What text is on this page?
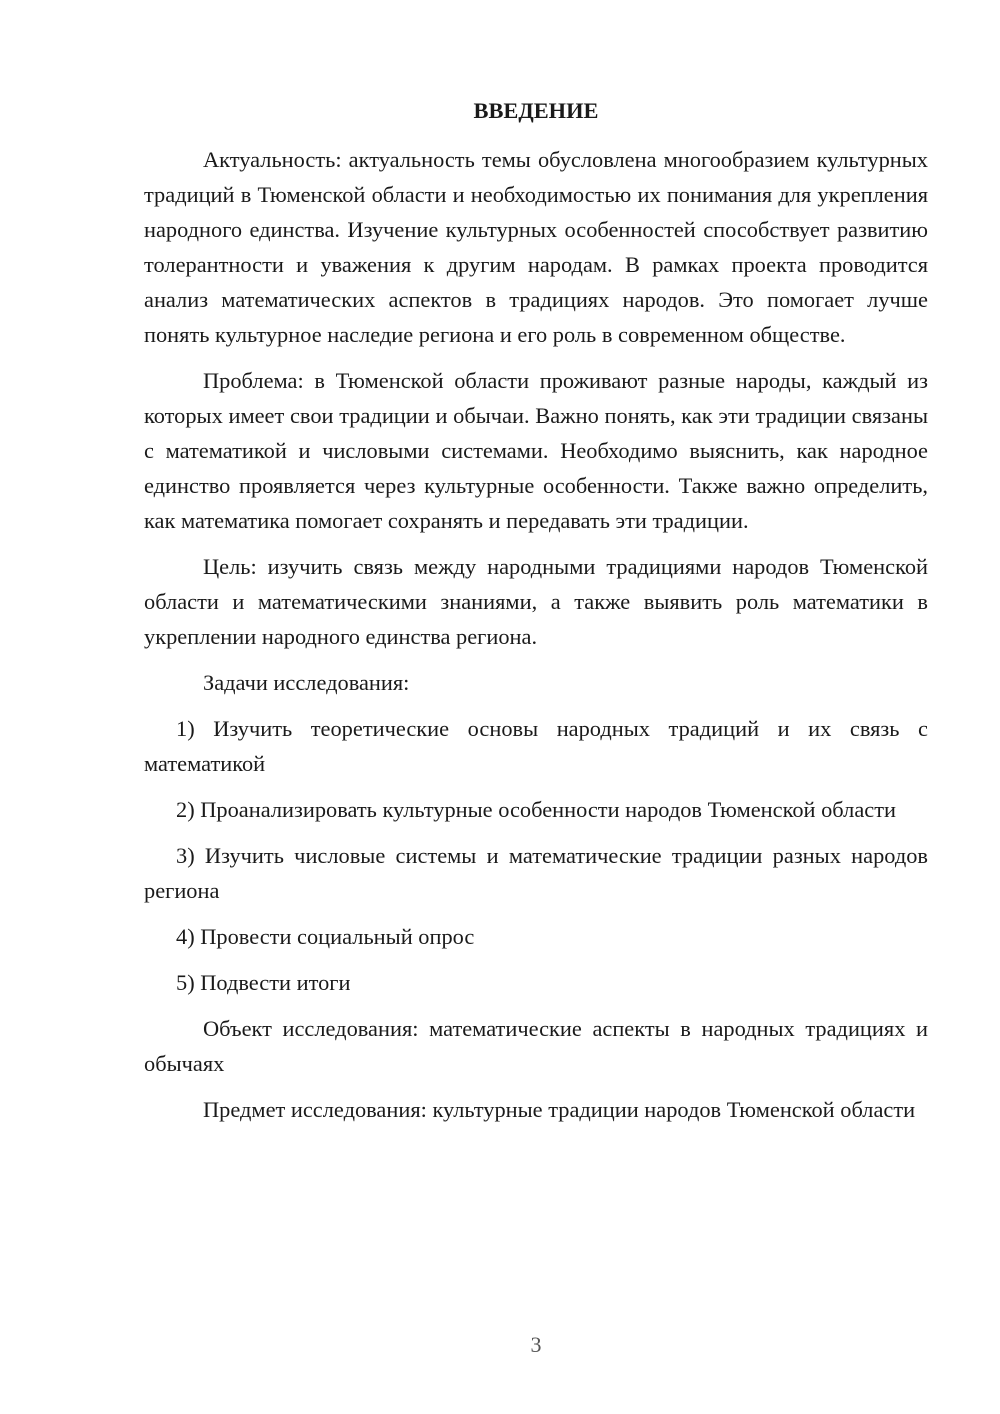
ВВЕДЕНИЕ
Актуальность: актуальность темы обусловлена многообразием культурных традиций в Тюменской области и необходимостью их понимания для укрепления народного единства. Изучение культурных особенностей способствует развитию толерантности и уважения к другим народам. В рамках проекта проводится анализ математических аспектов в традициях народов. Это помогает лучше понять культурное наследие региона и его роль в современном обществе.
Проблема: в Тюменской области проживают разные народы, каждый из которых имеет свои традиции и обычаи. Важно понять, как эти традиции связаны с математикой и числовыми системами. Необходимо выяснить, как народное единство проявляется через культурные особенности. Также важно определить, как математика помогает сохранять и передавать эти традиции.
Цель: изучить связь между народными традициями народов Тюменской области и математическими знаниями, а также выявить роль математики в укреплении народного единства региона.
Задачи исследования:
1) Изучить теоретические основы народных традиций и их связь с математикой
2) Проанализировать культурные особенности народов Тюменской области
3) Изучить числовые системы и математические традиции разных народов региона
4) Провести социальный опрос
5) Подвести итоги
Объект исследования: математические аспекты в народных традициях и обычаях
Предмет исследования: культурные традиции народов Тюменской области
3
